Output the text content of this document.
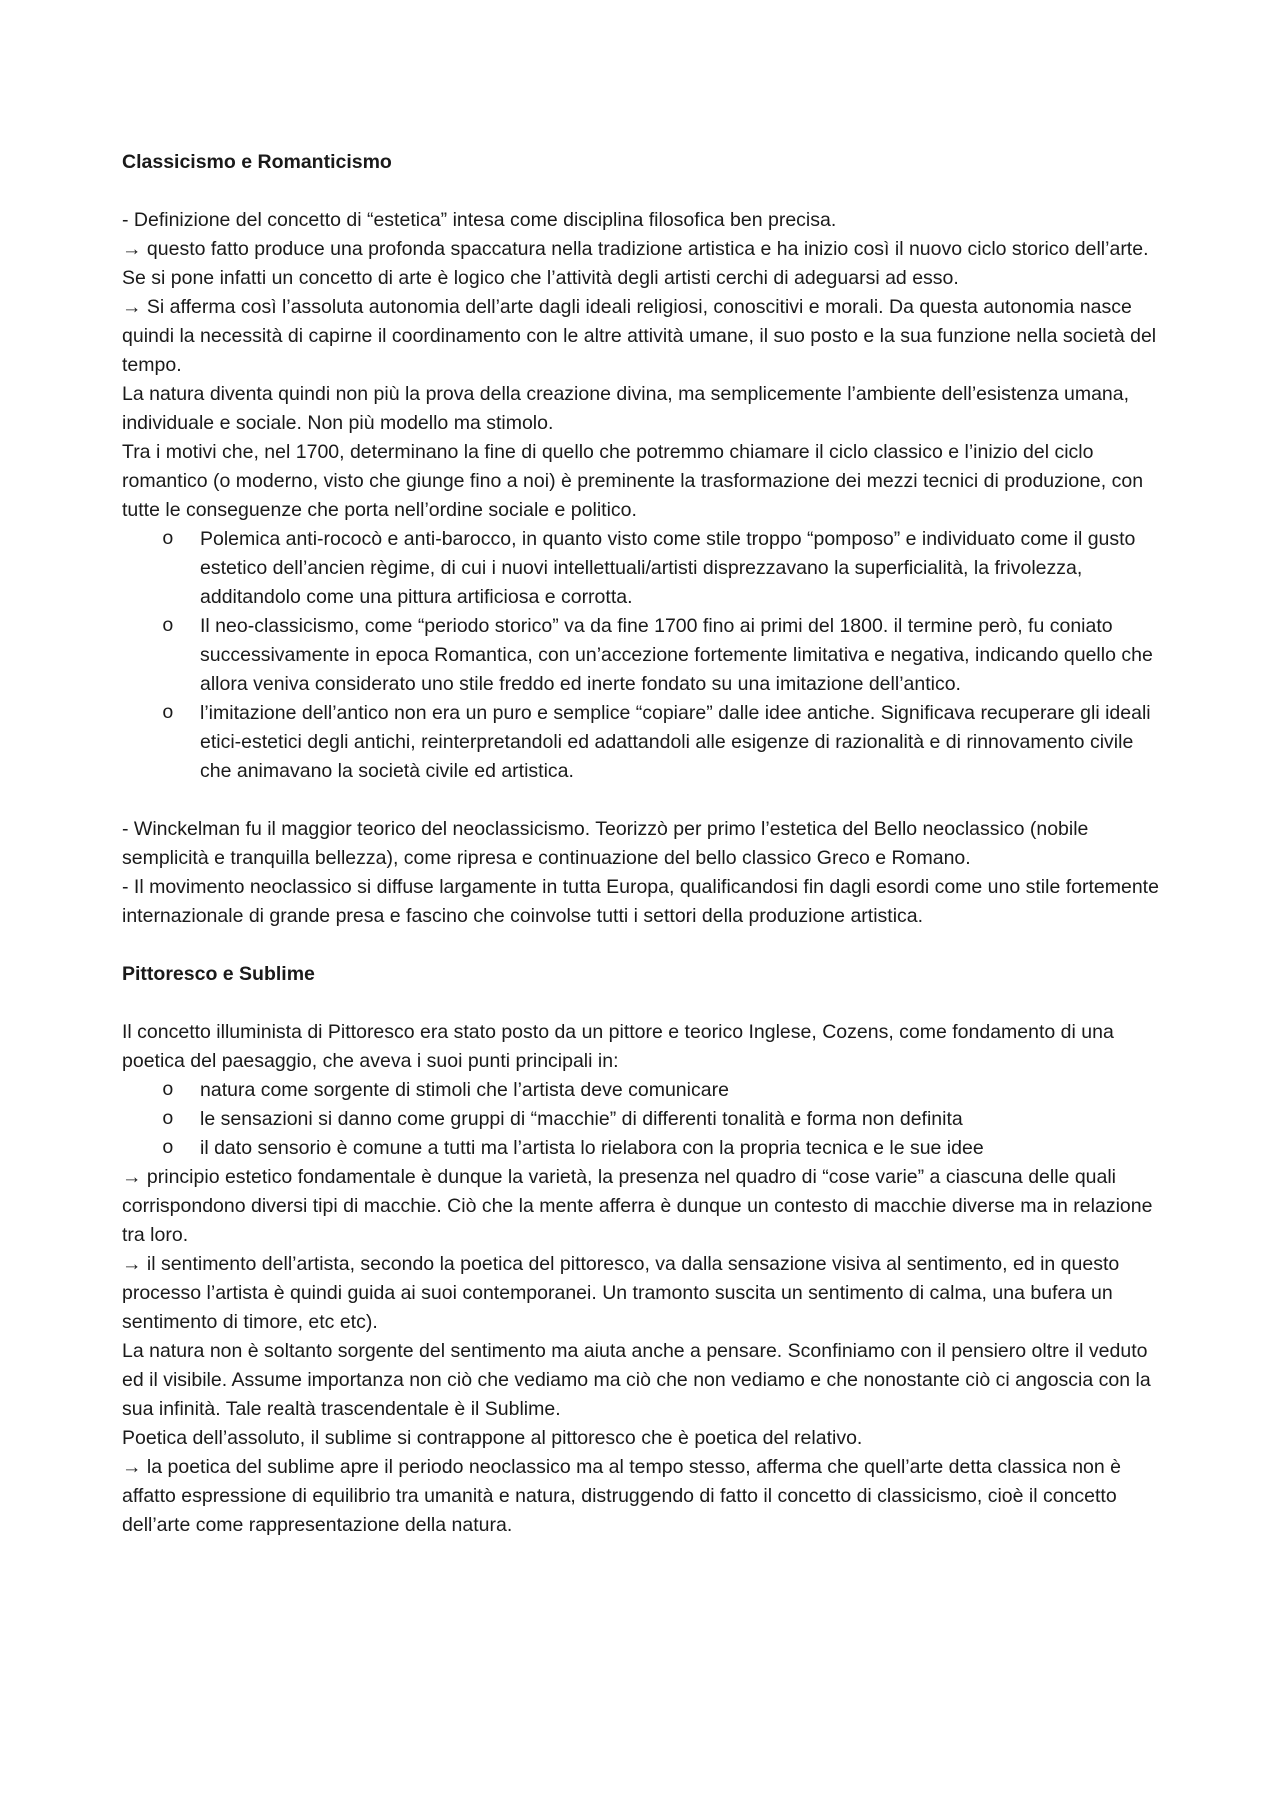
Classicismo e Romanticismo

- Definizione del concetto di “estetica” intesa come disciplina filosofica ben precisa.

→ questo fatto produce una profonda spaccatura nella tradizione artistica e ha inizio così il nuovo ciclo storico dell’arte.

Se si pone infatti un concetto di arte è logico che l’attività degli artisti cerchi di adeguarsi ad esso.

→ Si afferma così l’assoluta autonomia dell’arte dagli ideali religiosi, conoscitivi e morali. Da questa autonomia nasce quindi la necessità di capirne il coordinamento con le altre attività umane, il suo posto e la sua funzione nella società del tempo.

La natura diventa quindi non più la prova della creazione divina, ma semplicemente l’ambiente dell’esistenza umana, individuale e sociale. Non più modello ma stimolo.

Tra i motivi che, nel 1700, determinano la fine di quello che potremmo chiamare il ciclo classico e l’inizio del ciclo romantico (o moderno, visto che giunge fino a noi) è preminente la trasformazione dei mezzi tecnici di produzione, con tutte le conseguenze che porta nell’ordine sociale e politico.

o	Polemica anti-rococò e anti-barocco, in quanto visto come stile troppo “pomposo” e individuato come il gusto estetico dell’ancien règime, di cui i nuovi intellettuali/artisti disprezzavano la superficialità, la frivolezza, additandolo come una pittura artificiosa e corrotta.
o	Il neo-classicismo, come “periodo storico” va da fine 1700 fino ai primi del 1800. il termine però, fu coniato successivamente in epoca Romantica, con un’accezione fortemente limitativa e negativa, indicando quello che allora veniva considerato uno stile freddo ed inerte fondato su una imitazione dell’antico.
o	l’imitazione dell’antico non era un puro e semplice “copiare” dalle idee antiche. Significava recuperare gli ideali etici-estetici degli antichi, reinterpretandoli ed adattandoli alle esigenze di razionalità e di rinnovamento civile che animavano la società civile ed artistica.

- Winckelman fu il maggior teorico del neoclassicismo. Teorizzò per primo l’estetica del Bello neoclassico (nobile semplicità e tranquilla bellezza), come ripresa e continuazione del bello classico Greco e Romano.

- Il movimento neoclassico si diffuse largamente in tutta Europa, qualificandosi fin dagli esordi come uno stile fortemente internazionale di grande presa e fascino che coinvolse tutti i settori della produzione artistica.

Pittoresco e Sublime

Il concetto illuminista di Pittoresco era stato posto da un pittore e teorico Inglese, Cozens, come fondamento di una poetica del paesaggio, che aveva i suoi punti principali in:

o	natura come sorgente di stimoli che l’artista deve comunicare
o	le sensazioni si danno come gruppi di “macchie” di differenti tonalità e forma non definita
o	il dato sensorio è comune a tutti ma l’artista lo rielabora con la propria tecnica e le sue idee

→ principio estetico fondamentale è dunque la varietà, la presenza nel quadro di “cose varie” a ciascuna delle quali corrispondono diversi tipi di macchie. Ciò che la mente afferra è dunque un contesto di macchie diverse ma in relazione tra loro.

→ il sentimento dell’artista, secondo la poetica del pittoresco, va dalla sensazione visiva al sentimento, ed in questo processo l’artista è quindi guida ai suoi contemporanei. Un tramonto suscita un sentimento di calma, una bufera un sentimento di timore, etc etc).

La natura non è soltanto sorgente del sentimento ma aiuta anche a pensare. Sconfiniamo con il pensiero oltre il veduto ed il visibile. Assume importanza non ciò che vediamo ma ciò che non vediamo e che nonostante ciò ci angoscia con la sua infinità. Tale realtà trascendentale è il Sublime.

Poetica dell’assoluto, il sublime si contrappone al pittoresco che è poetica del relativo.

→ la poetica del sublime apre il periodo neoclassico ma al tempo stesso, afferma che quell’arte detta classica non è affatto espressione di equilibrio tra umanità e natura, distruggendo di fatto il concetto di classicismo, cioè il concetto dell’arte come rappresentazione della natura.
